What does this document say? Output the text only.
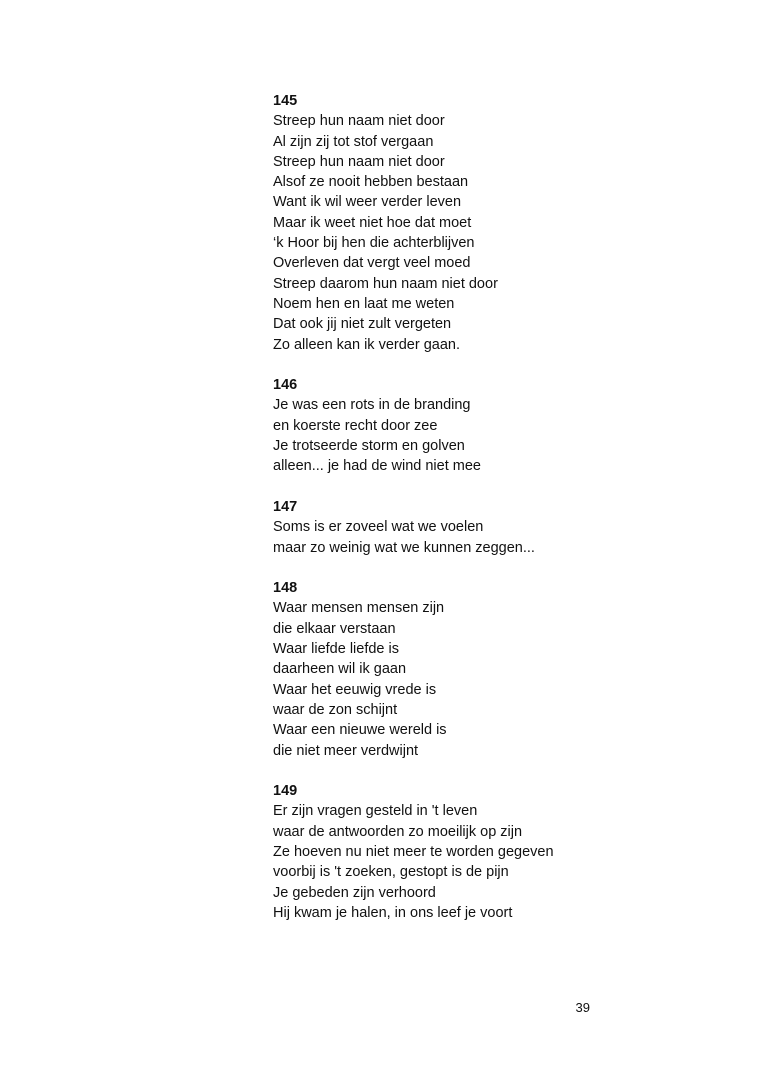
145
Streep hun naam niet door
Al zijn zij tot stof vergaan
Streep hun naam niet door
Alsof ze nooit hebben bestaan
Want ik wil weer verder leven
Maar ik weet niet hoe dat moet
‘k Hoor bij hen die achterblijven
Overleven dat vergt veel moed
Streep daarom hun naam niet door
Noem hen en laat me weten
Dat ook jij niet zult vergeten
Zo alleen kan ik verder gaan.
146
Je was een rots in de branding
en koerste recht door zee
Je trotseerde storm en golven
alleen... je had de wind niet mee
147
Soms is er zoveel wat we voelen
maar zo weinig wat we kunnen zeggen...
148
Waar mensen mensen zijn
die elkaar verstaan
Waar liefde liefde is
daarheen wil ik gaan
Waar het eeuwig vrede is
waar de zon schijnt
Waar een nieuwe wereld is
die niet meer verdwijnt
149
Er zijn vragen gesteld in 't leven
waar de antwoorden zo moeilijk op zijn
Ze hoeven nu niet meer te worden gegeven
voorbij is 't zoeken, gestopt is de pijn
Je gebeden zijn verhoord
Hij kwam je halen, in ons leef je voort
39
